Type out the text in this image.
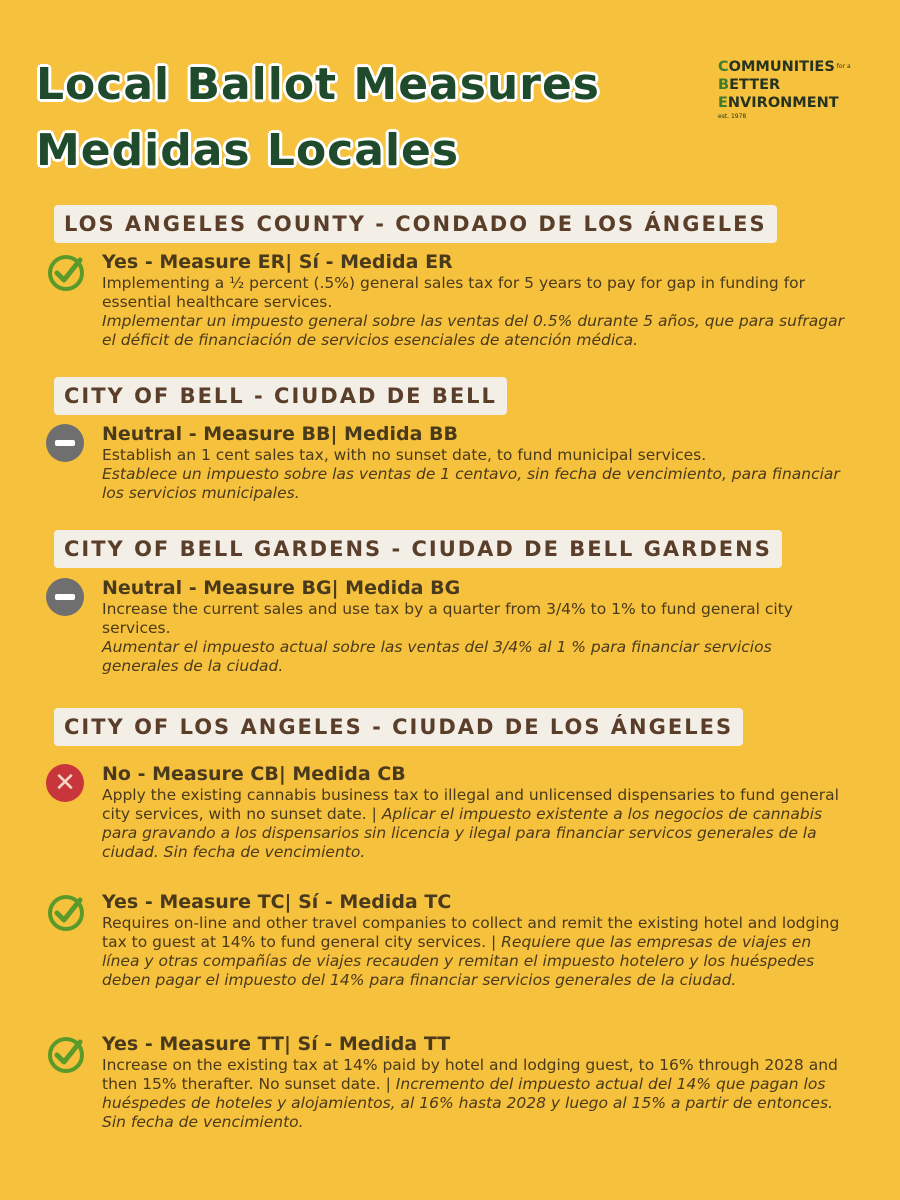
Local Ballot Measures
Medidas Locales
COMMUNITIES $^{for a}$
BETTER
ENVIRONMENT
est. 1978
LOS ANGELES COUNTY - CONDADO DE LOS ÁNGELES
Yes - Measure ER| Sí - Medida ER
Implementing a ½ percent (.5%) general sales tax for 5 years to pay for gap in funding for essential healthcare services.
Implementar un impuesto general sobre las ventas del 0.5% durante 5 años, que para sufragar el déficit de financiación de servicios esenciales de atención médica.
CITY OF BELL - CIUDAD DE BELL
Neutral - Measure BB| Medida BB
Establish an 1 cent sales tax, with no sunset date, to fund municipal services.
Establece un impuesto sobre las ventas de 1 centavo, sin fecha de vencimiento, para financiar los servicios municipales.
CITY OF BELL GARDENS - CIUDAD DE BELL GARDENS
Neutral - Measure BG| Medida BG
Increase the current sales and use tax by a quarter from 3/4% to 1% to fund general city services.
Aumentar el impuesto actual sobre las ventas del 3/4% al 1 % para financiar servicios generales de la ciudad.
CITY OF LOS ANGELES - CIUDAD DE LOS ÁNGELES
✕	No - Measure CB| Medida CB
Apply the existing cannabis business tax to illegal and unlicensed dispensaries to fund general city services, with no sunset date. | Aplicar el impuesto existente a los negocios de cannabis para gravando a los dispensarios sin licencia y ilegal para financiar servicos generales de la ciudad. Sin fecha de vencimiento.
Yes - Measure TC| Sí - Medida TC
Requires on-line and other travel companies to collect and remit the existing hotel and lodging tax to guest at 14% to fund general city services. | Requiere que las empresas de viajes en línea y otras compañías de viajes recauden y remitan el impuesto hotelero y los huéspedes deben pagar el impuesto del 14% para financiar servicios generales de la ciudad.
Yes - Measure TT| Sí - Medida TT
Increase on the existing tax at 14% paid by hotel and lodging guest, to 16% through 2028 and then 15% therafter. No sunset date. | Incremento del impuesto actual del 14% que pagan los huéspedes de hoteles y alojamientos, al 16% hasta 2028 y luego al 15% a partir de entonces. Sin fecha de vencimiento.
